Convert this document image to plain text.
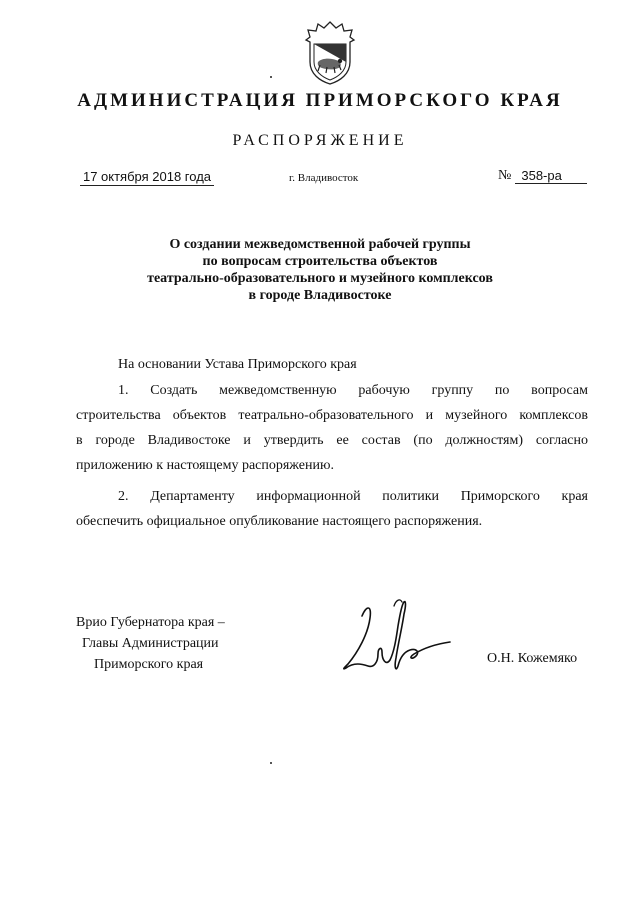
АДМИНИСТРАЦИЯ ПРИМОРСКОГО КРАЯ
РАСПОРЯЖЕНИЕ
17 октября 2018 года	г. Владивосток	№ 358-ра
О создании межведомственной рабочей группы
по вопросам строительства объектов
театрально-образовательного и музейного комплексов
в городе Владивостоке
На основании Устава Приморского края
1. Создать межведомственную рабочую группу по вопросам
строительства объектов театрально-образовательного и музейного комплексов
в городе Владивостоке и утвердить ее состав (по должностям) согласно
приложению к настоящему распоряжению.
2. Департаменту информационной политики Приморского края
обеспечить официальное опубликование настоящего распоряжения.
Врио Губернатора края –
Главы Администрации
Приморского края	О.Н. Кожемяко
